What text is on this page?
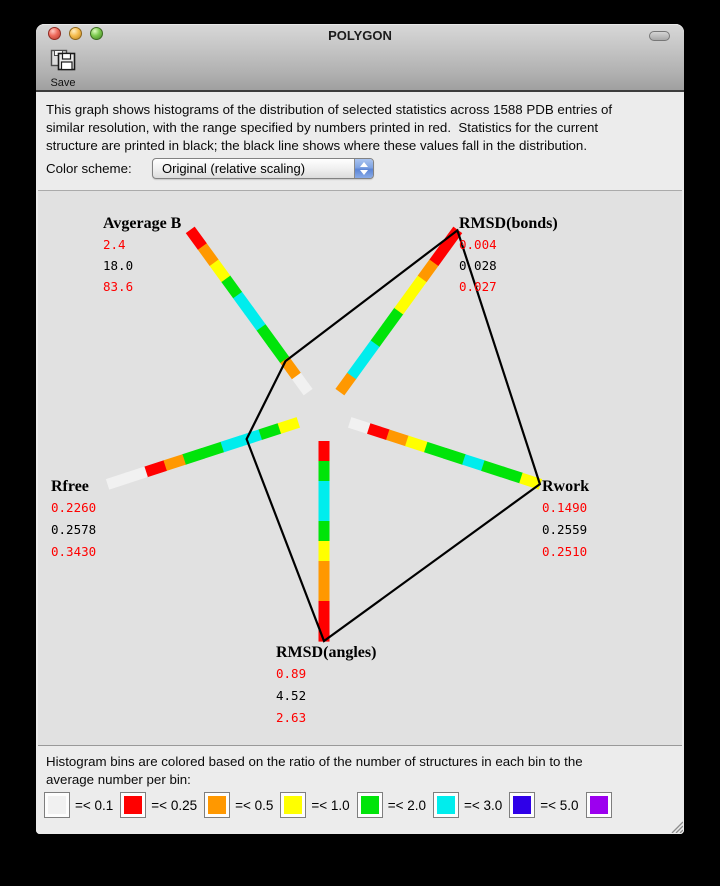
POLYGON
Save
This graph shows histograms of the distribution of selected statistics across 1588 PDB entries of
similar resolution, with the range specified by numbers printed in red.  Statistics for the current
structure are printed in black; the black line shows where these values fall in the distribution.
Color scheme: Original (relative scaling)
Avgerage B
2.4
18.0
83.6
RMSD(bonds)
0.004
0.028
0.027
Rwork
0.1490
0.2559
0.2510
RMSD(angles)
0.89
4.52
2.63
Rfree
0.2260
0.2578
0.3430
Histogram bins are colored based on the ratio of the number of structures in each bin to the
average number per bin:
=< 0.1	=< 0.25	=< 0.5	=< 1.0	=< 2.0	=< 3.0	=< 5.0
